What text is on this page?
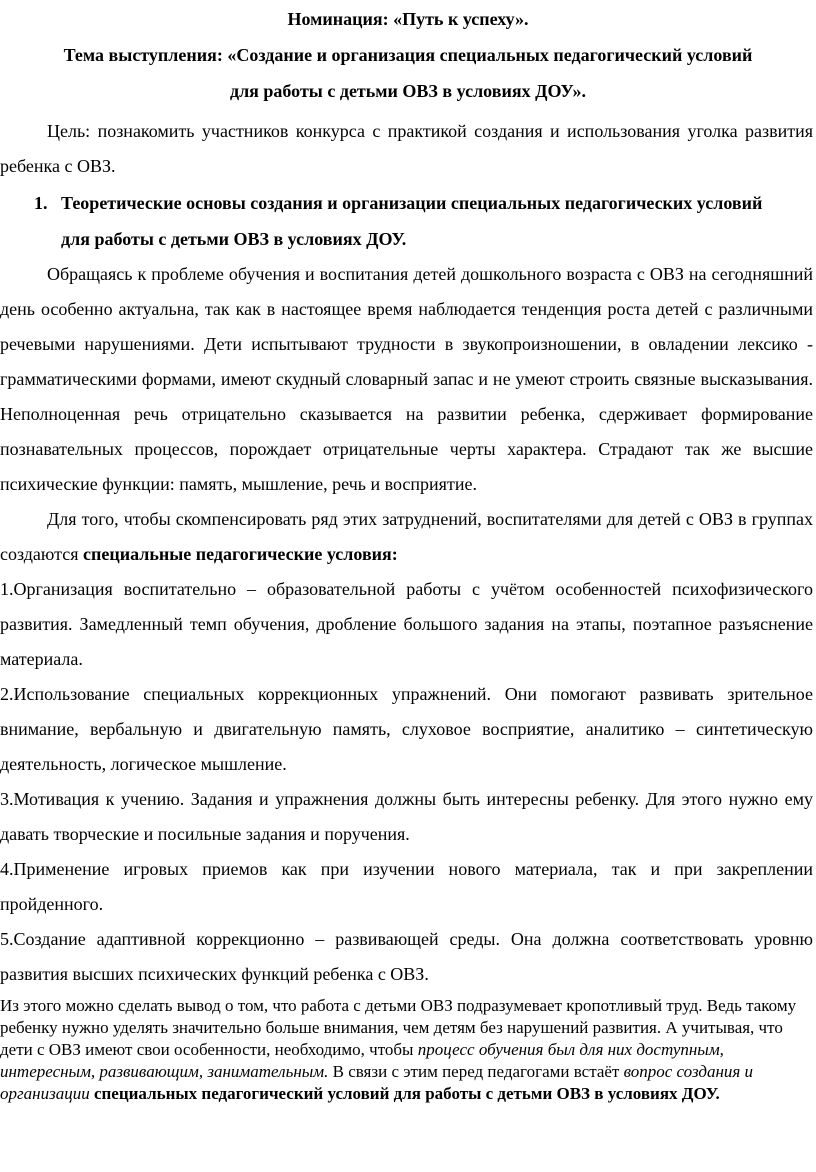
Номинация: «Путь к успеху».

Тема выступления: «Создание и организация специальных педагогический условий

для работы с детьми ОВЗ в условиях ДОУ».

Цель: познакомить участников конкурса с практикой создания и использования уголка развития ребенка с ОВЗ.

1. Теоретические основы создания и организации специальных педагогических условий для работы с детьми ОВЗ в условиях ДОУ.

Обращаясь к проблеме обучения и воспитания детей дошкольного возраста с ОВЗ на сегодняшний день особенно актуальна, так как в настоящее время наблюдается тенденция роста детей с различными речевыми нарушениями. Дети испытывают трудности в звукопроизношении, в овладении лексико - грамматическими формами, имеют скудный словарный запас и не умеют строить связные высказывания. Неполноценная речь отрицательно сказывается на развитии ребенка, сдерживает формирование познавательных процессов, порождает отрицательные черты характера. Страдают так же высшие психические функции: память, мышление, речь и восприятие.

Для того, чтобы скомпенсировать ряд этих затруднений, воспитателями для детей с ОВЗ в группах создаются специальные педагогические условия:

1.Организация воспитательно – образовательной работы с учётом особенностей психофизического развития. Замедленный темп обучения, дробление большого задания на этапы, поэтапное разъяснение материала.

2.Использование специальных коррекционных упражнений. Они помогают развивать зрительное внимание, вербальную и двигательную память, слуховое восприятие, аналитико – синтетическую деятельность, логическое мышление.

3.Мотивация к учению. Задания и упражнения должны быть интересны ребенку. Для этого нужно ему давать творческие и посильные задания и поручения.

4.Применение игровых приемов как при изучении нового материала, так и при закреплении пройденного.

5.Создание адаптивной коррекционно – развивающей среды. Она должна соответствовать уровню развития высших психических функций ребенка с ОВЗ.

Из этого можно сделать вывод о том, что работа с детьми ОВЗ подразумевает кропотливый труд. Ведь такому ребенку нужно уделять значительно больше внимания, чем детям без нарушений развития. А учитывая, что дети с ОВЗ имеют свои особенности, необходимо, чтобы процесс обучения был для них доступным, интересным, развивающим, занимательным. В связи с этим перед педагогами встаёт вопрос создания и организации специальных педагогический условий для работы с детьми ОВЗ в условиях ДОУ.
